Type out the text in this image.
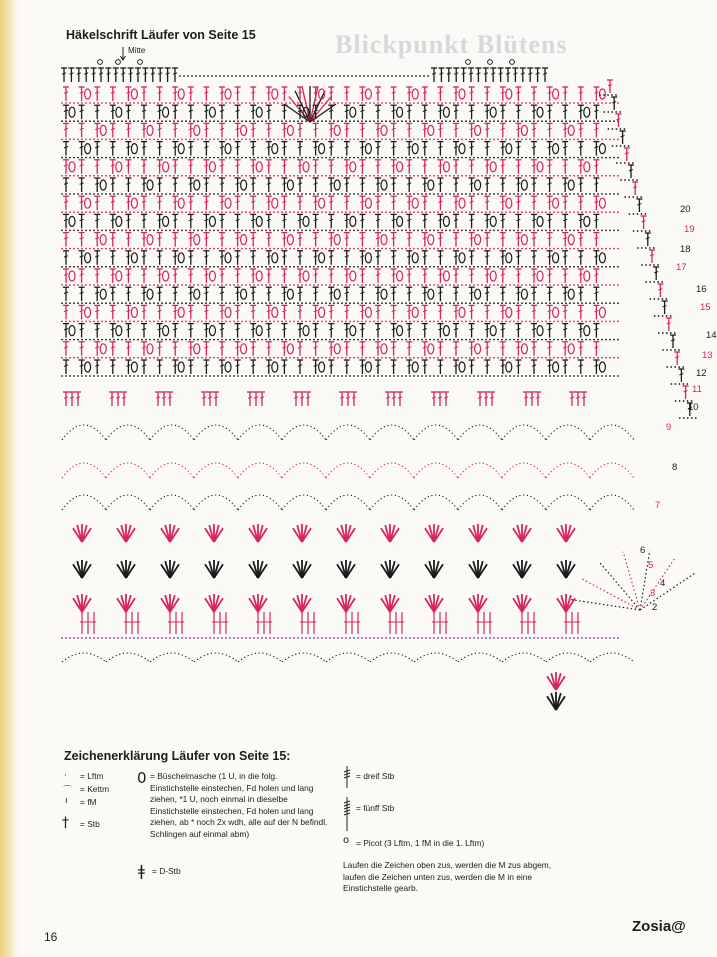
Blickpunkt Blütens
Häkelschrift Läufer von Seite 15
Mitte
20
19
18
17
16
15
14
13
12
11
10
9
8
7
6
5
4
3
2
Zeichenerklärung Läufer von Seite 15:
· = Lftm
⌒ = Kettm
ı = fM
† = Stb
0 = Büschelmasche (1 U, in die folg. Einstichstelle einstechen, Fd holen und lang ziehen, *1 U, noch einmal in dieselbe Einstichstelle einstechen, Fd holen und lang ziehen, ab * noch 2x wdh, alle auf der N befindl. Schlingen auf einmal abm)
ǂ = D-Stb
= dreif Stb
= fünff Stb
o = Picot (3 Lftm, 1 fM in die 1. Lftm)
Laufen die Zeichen oben zus, werden die M zus abgem, laufen die Zeichen unten zus, werden die M in eine Einstichstelle gearb.
16
Zosia@
